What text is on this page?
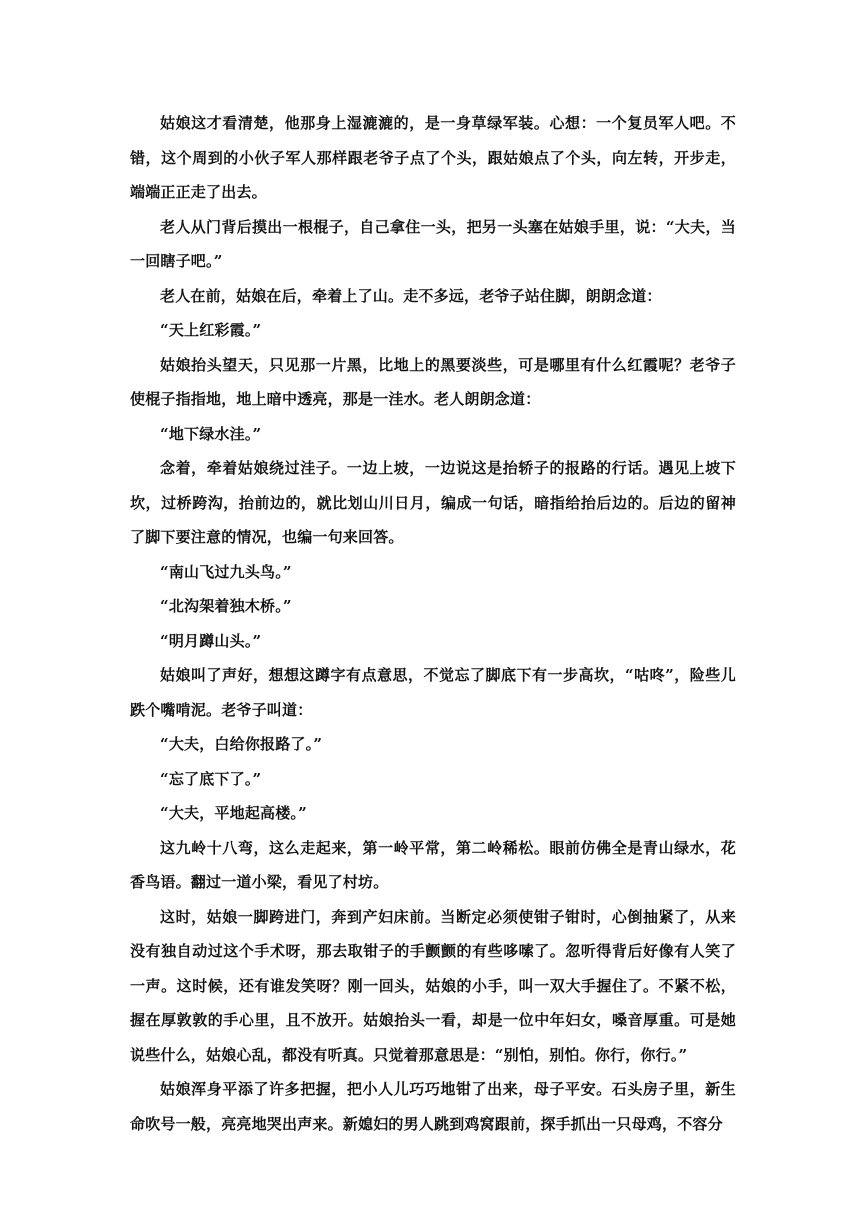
姑娘这才看清楚，他那身上湿漉漉的，是一身草绿军装。心想：一个复员军人吧。不错，这个周到的小伙子军人那样跟老爷子点了个头，跟姑娘点了个头，向左转，开步走，端端正正走了出去。

老人从门背后摸出一根棍子，自己拿住一头，把另一头塞在姑娘手里，说：“大夫，当一回瞎子吧。”

老人在前，姑娘在后，牵着上了山。走不多远，老爷子站住脚，朗朗念道：

“天上红彩霞。”

姑娘抬头望天，只见那一片黑，比地上的黑要淡些，可是哪里有什么红霞呢？老爷子使棍子指指地，地上暗中透亮，那是一洼水。老人朗朗念道：

“地下绿水洼。”

念着，牵着姑娘绕过洼子。一边上坡，一边说这是抬轿子的报路的行话。遇见上坡下坎，过桥跨沟，抬前边的，就比划山川日月，编成一句话，暗指给抬后边的。后边的留神了脚下要注意的情况，也编一句来回答。

“南山飞过九头鸟。”

“北沟架着独木桥。”

“明月蹲山头。”

姑娘叫了声好，想想这蹲字有点意思，不觉忘了脚底下有一步高坎，“咕咚”，险些儿跌个嘴啃泥。老爷子叫道：

“大夫，白给你报路了。”

“忘了底下了。”

“大夫，平地起高楼。”

这九岭十八弯，这么走起来，第一岭平常，第二岭稀松。眼前仿佛全是青山绿水，花香鸟语。翻过一道小梁，看见了村坊。

这时，姑娘一脚跨进门，奔到产妇床前。当断定必须使钳子钳时，心倒抽紧了，从来没有独自动过这个手术呀，那去取钳子的手颤颤的有些哆嗦了。忽听得背后好像有人笑了一声。这时候，还有谁发笑呀？刚一回头，姑娘的小手，叫一双大手握住了。不紧不松，握在厚敦敦的手心里，且不放开。姑娘抬头一看，却是一位中年妇女，嗓音厚重。可是她说些什么，姑娘心乱，都没有听真。只觉着那意思是：“别怕，别怕。你行，你行。”

姑娘浑身平添了许多把握，把小人儿巧巧地钳了出来，母子平安。石头房子里，新生命吹号一般，亮亮地哭出声来。新媳妇的男人跳到鸡窝跟前，探手抓出一只母鸡，不容分
